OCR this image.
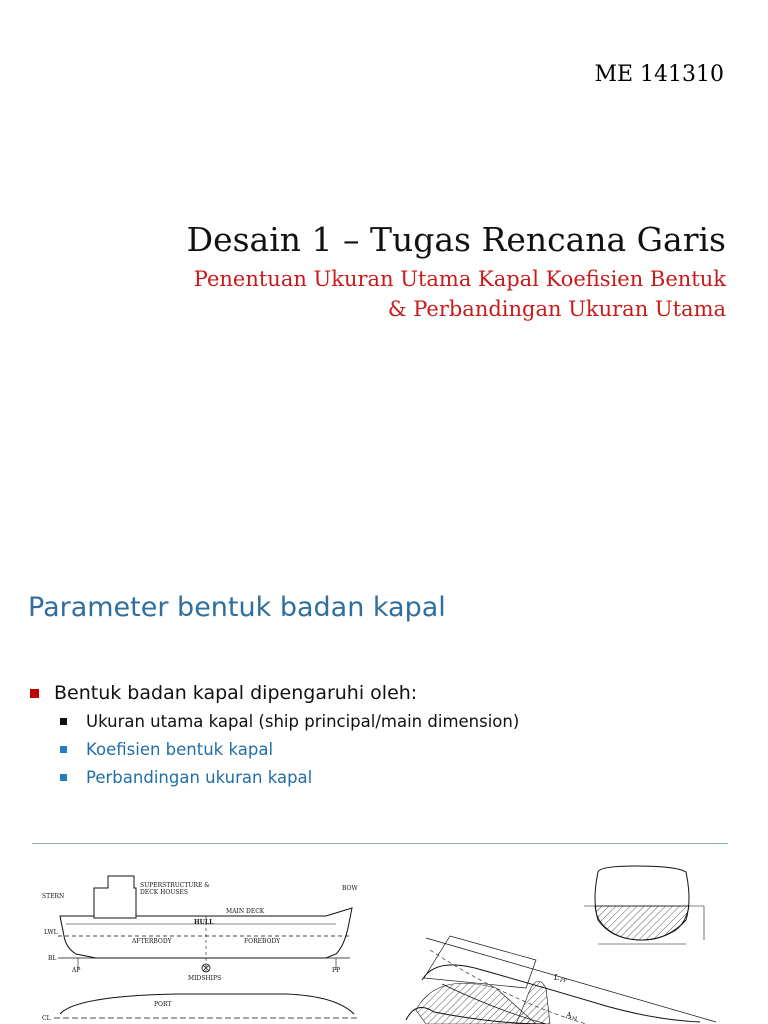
ME 141310
Desain 1 – Tugas Rencana Garis
Penentuan Ukuran Utama Kapal Koefisien Bentuk
& Perbandingan Ukuran Utama
Parameter bentuk badan kapal
Bentuk badan kapal dipengaruhi oleh:
Ukuran utama kapal (ship principal/main dimension)
Koefisien bentuk kapal
Perbandingan ukuran kapal
STERN
SUPERSTRUCTURE &
DECK HOUSES
BOW
MAIN DECK
HULL
LWL
AFTERBODY	FOREBODY
BL
AP	FP
MIDSHIPS
PORT
CL
L PP
A M
